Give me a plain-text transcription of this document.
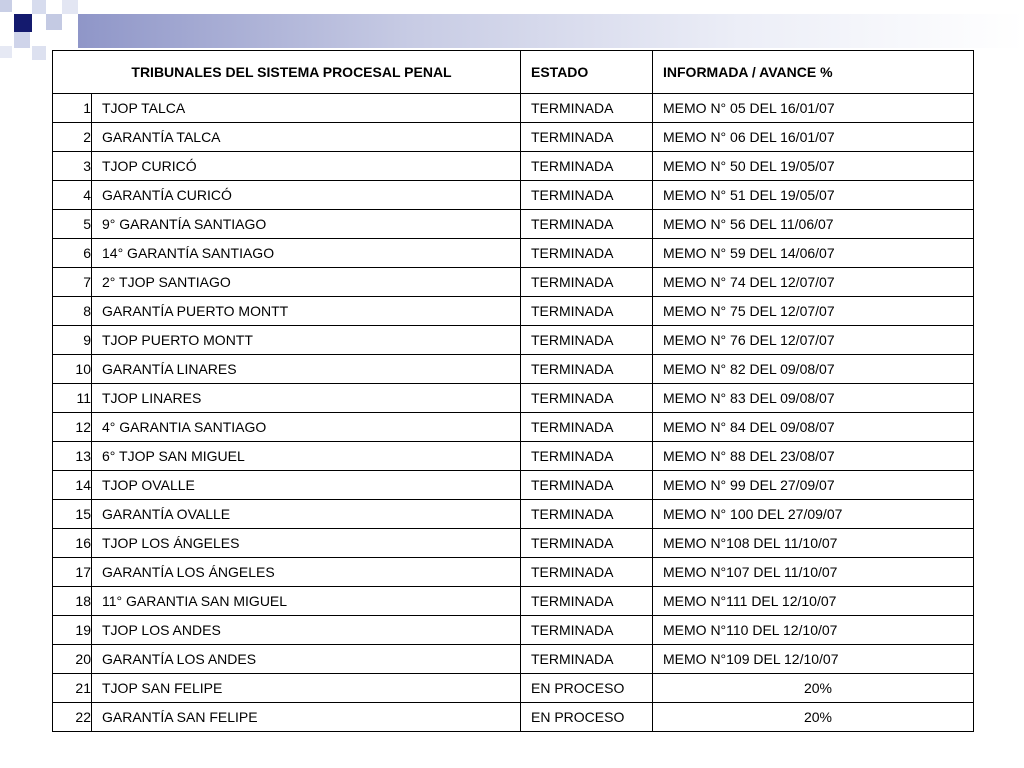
TRIBUNALES DEL SISTEMA PROCESAL PENAL		ESTADO	INFORMADA / AVANCE %
1	TJOP TALCA	TERMINADA	MEMO N° 05 DEL 16/01/07
2	GARANTÍA TALCA	TERMINADA	MEMO N° 06 DEL 16/01/07
3	TJOP CURICÓ	TERMINADA	MEMO N° 50 DEL 19/05/07
4	GARANTÍA CURICÓ	TERMINADA	MEMO N° 51 DEL 19/05/07
5	9° GARANTÍA SANTIAGO	TERMINADA	MEMO N° 56 DEL 11/06/07
6	14° GARANTÍA SANTIAGO	TERMINADA	MEMO N° 59 DEL 14/06/07
7	2° TJOP SANTIAGO	TERMINADA	MEMO N° 74 DEL 12/07/07
8	GARANTÍA PUERTO MONTT	TERMINADA	MEMO N° 75 DEL 12/07/07
9	TJOP PUERTO MONTT	TERMINADA	MEMO N° 76 DEL 12/07/07
10	GARANTÍA LINARES	TERMINADA	MEMO N° 82 DEL 09/08/07
11	TJOP LINARES	TERMINADA	MEMO N° 83 DEL 09/08/07
12	4° GARANTIA SANTIAGO	TERMINADA	MEMO N° 84 DEL 09/08/07
13	6° TJOP SAN MIGUEL	TERMINADA	MEMO N° 88 DEL 23/08/07
14	TJOP OVALLE	TERMINADA	MEMO N° 99 DEL 27/09/07
15	GARANTÍA OVALLE	TERMINADA	MEMO N° 100 DEL 27/09/07
16	TJOP LOS ÁNGELES	TERMINADA	MEMO N°108 DEL 11/10/07
17	GARANTÍA LOS ÁNGELES	TERMINADA	MEMO N°107 DEL 11/10/07
18	11° GARANTIA SAN MIGUEL	TERMINADA	MEMO N°111 DEL 12/10/07
19	TJOP LOS ANDES	TERMINADA	MEMO N°110 DEL 12/10/07
20	GARANTÍA LOS ANDES	TERMINADA	MEMO N°109 DEL 12/10/07
21	TJOP SAN FELIPE	EN PROCESO	20%
22	GARANTÍA SAN FELIPE	EN PROCESO	20%
